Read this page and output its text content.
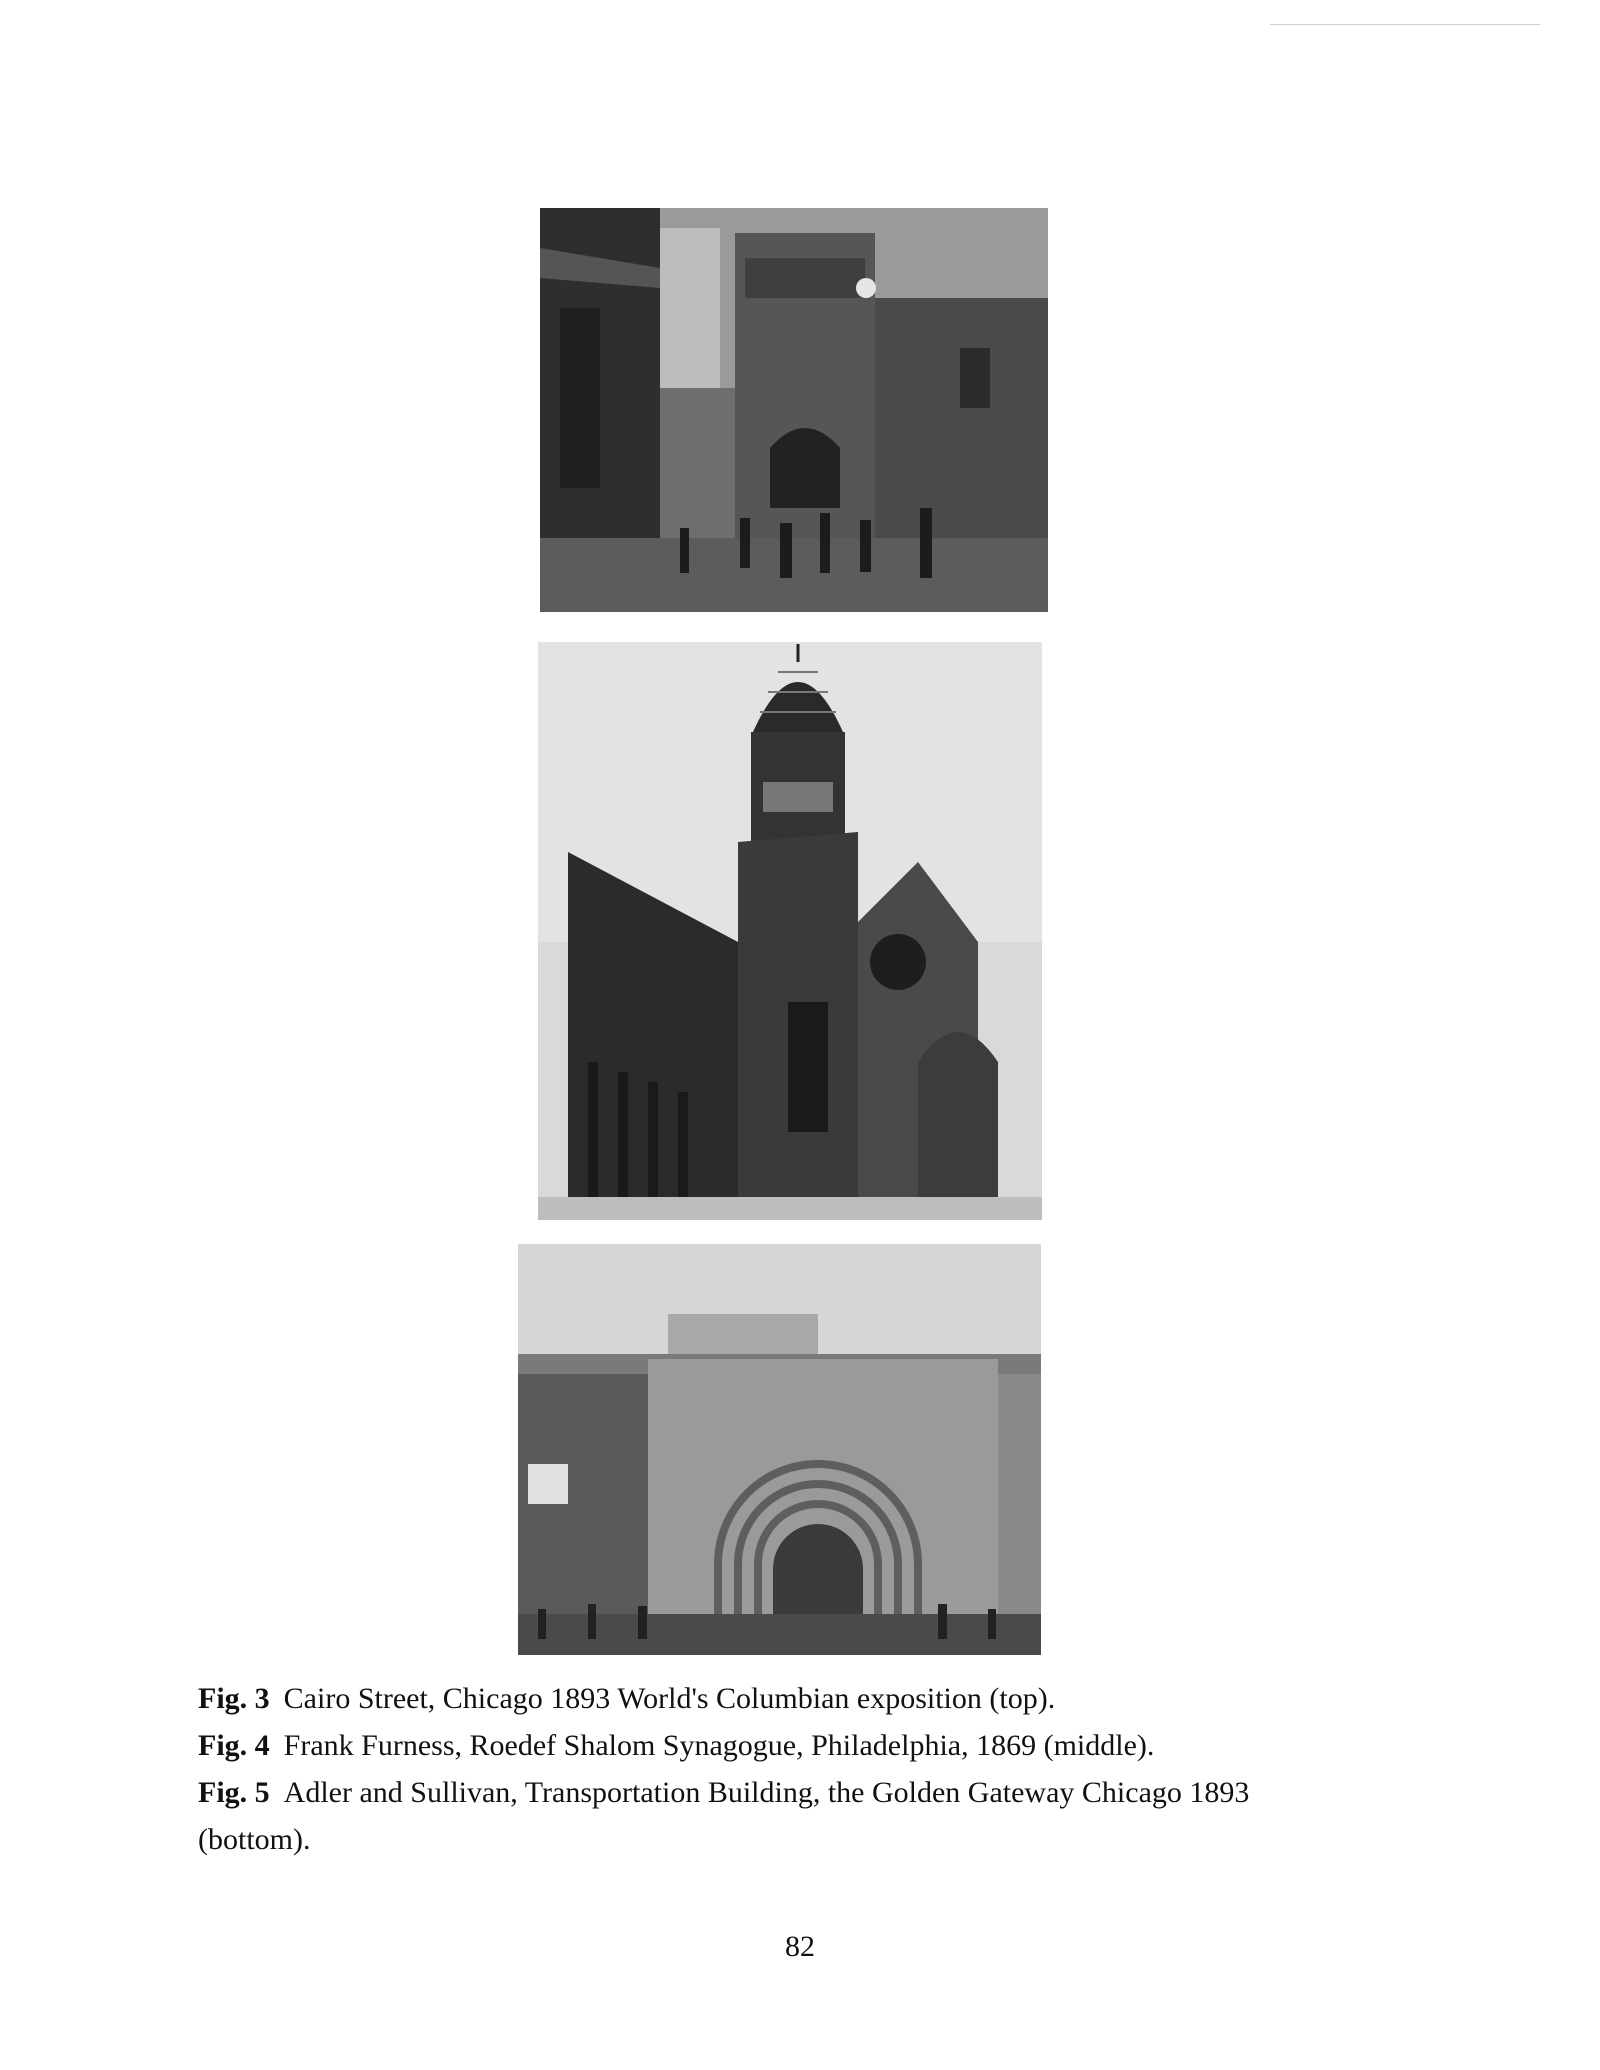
Fig. 3 Cairo Street, Chicago 1893 World's Columbian exposition (top).
Fig. 4 Frank Furness, Roedef Shalom Synagogue, Philadelphia, 1869 (middle).
Fig. 5 Adler and Sullivan, Transportation Building, the Golden Gateway Chicago 1893
(bottom).
82
